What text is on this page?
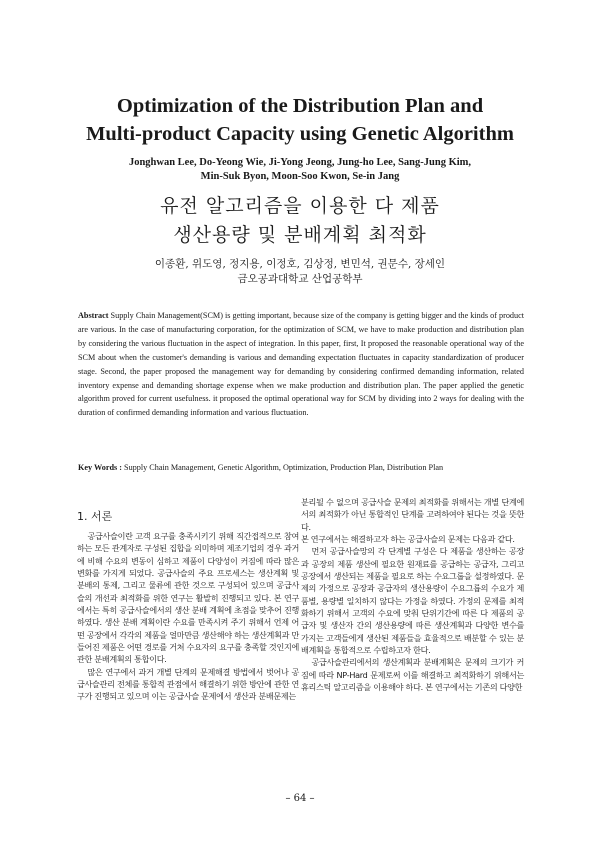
Optimization of the Distribution Plan and
Multi-product Capacity using Genetic Algorithm
Jonghwan Lee, Do-Yeong Wie, Ji-Yong Jeong, Jung-ho Lee, Sang-Jung Kim,
Min-Suk Byon, Moon-Soo Kwon, Se-in Jang
유전 알고리즘을 이용한 다 제품
생산용량 및 분배계획 최적화
이종환, 위도영, 정지용, 이정호, 김상정, 변민석, 권문수, 장세인
금오공과대학교 산업공학부
Abstract Supply Chain Management(SCM) is getting important, because size of the company is getting bigger and the kinds of product are various. In the case of manufacturing corporation, for the optimization of SCM, we have to make production and distribution plan by considering the various fluctuation in the aspect of integration. In this paper, first, It proposed the reasonable operational way of the SCM about when the customer's demanding is various and demanding expectation fluctuates in capacity standardization of producer stage. Second, the paper proposed the management way for demanding by considering confirmed demanding information, related inventory expense and demanding shortage expense when we make production and distribution plan. The paper applied the genetic algorithm proved for current usefulness. it proposed the optimal operational way for SCM by dividing into 2 ways for dealing with the duration of confirmed demanding information and various fluctuation.
Key Words : Supply Chain Management, Genetic Algorithm, Optimization, Production Plan, Distribution Plan
1. 서론

공급사슬이란 고객 요구를 충족시키기 위해 직간접적으로 참여하는 모든 관계자로 구성된 집합을 의미하며 제조기업의 경우 과거에 비해 수요의 변동이 심하고 제품이 다양성이 커짐에 따라 많은 변화를 가지게 되었다. 공급사슬의 주요 프로세스는 생산계획 및 분배의 통제, 그리고 물류에 관한 것으로 구성되어 있으며 공급사슬의 개선과 최적화를 위한 연구는 활발히 진행되고 있다. 본 연구에서는 특히 공급사슬에서의 생산 분배 계획에 초점을 맞추어 진행하였다. 생산 분배 계획이란 수요를 만족시켜 주기 위해서 언제 어떤 공장에서 각각의 제품을 얼마만큼 생산해야 하는 생산계획과 만들어진 제품은 어떤 경로를 거쳐 수요자의 요구를 충족할 것인지에 관한 분배계획의 통합이다.

많은 연구에서 과거 개별 단계의 문제해결 방법에서 벗어나 공급사슬관리 전체를 통합적 관점에서 해결하기 위한 방안에 관한 연구가 진행되고 있으며 이는 공급사슬 문제에서 생산과 분배문제는

분리될 수 없으며 공급사슬 문제의 최적화를 위해서는 개별 단계에서의 최적화가 아닌 통합적인 단계를 고려하여야 된다는 것을 뜻한다.

본 연구에서는 해결하고자 하는 공급사슬의 문제는 다음과 같다.

먼저 공급사슬망의 각 단계별 구성은 다 제품을 생산하는 공장과 공장의 제품 생산에 필요한 원재료를 공급하는 공급자, 그리고 공장에서 생산되는 제품을 필요로 하는 수요그룹을 설정하였다. 문제의 가정으로 공장과 공급자의 생산용량이 수요그룹의 수요가 제품별, 용량별 일치하지 않다는 가정을 하였다. 가정의 문제를 최적화하기 위해서 고객의 수요에 맞춰 단위기간에 따른 다 제품의 공급자 및 생산자 간의 생산용량에 따른 생산계획과 다양한 변수를 가지는 고객들에게 생산된 제품들을 효율적으로 배분할 수 있는 분배계획을 통합적으로 수립하고자 한다.

공급사슬관리에서의 생산계획과 분배계획은 문제의 크기가 커짐에 따라 NP-Hard 문제로써 이를 해결하고 최적화하기 위해서는 휴리스틱 알고리즘을 이용해야 하다. 본 연구에서는 기존의 다양한

– 64 –
